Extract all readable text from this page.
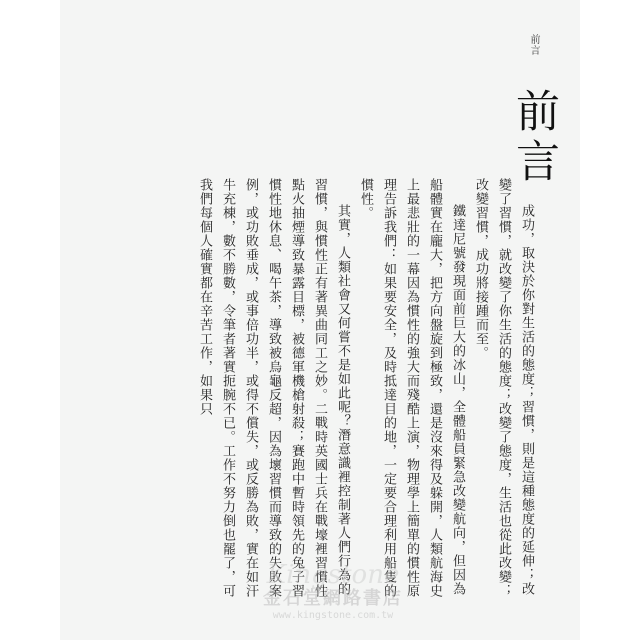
前言
前言

成功，取決於你對生活的態度；習慣，則是這種態度的延伸；改變了習慣，就改變了你生活的態度；改變了態度，生活也從此改變；改變習慣，成功將接踵而至。

鐵達尼號發現面前巨大的冰山，全體船員緊急改變航向，但因為船體實在龐大，把方向盤旋到極致，還是沒來得及躲開，人類航海史上最悲壯的一幕因為慣性的強大而殘酷上演，物理學上簡單的慣性原理告訴我們：如果要安全，及時抵達目的地，一定要合理利用船隻的慣性。

其實，人類社會又何嘗不是如此呢？潛意識裡控制著人們行為的習慣，與慣性正有著異曲同工之妙。二戰時英國士兵在戰壕裡習慣性點火抽煙導致暴露目標，被德軍機槍射殺；賽跑中暫時領先的兔子習慣性地休息、喝午茶，導致被烏龜反超，因為壞習慣而導致的失敗案例，或功敗垂成，或事倍功半，或得不償失，或反勝為敗，實在如汗牛充棟，數不勝數，令筆者著實扼腕不已。工作不努力倒也罷了，可我們每個人確實都在辛苦工作，如果只

Kingstone
金石堂網路書店
www.kingstone.com.tw
